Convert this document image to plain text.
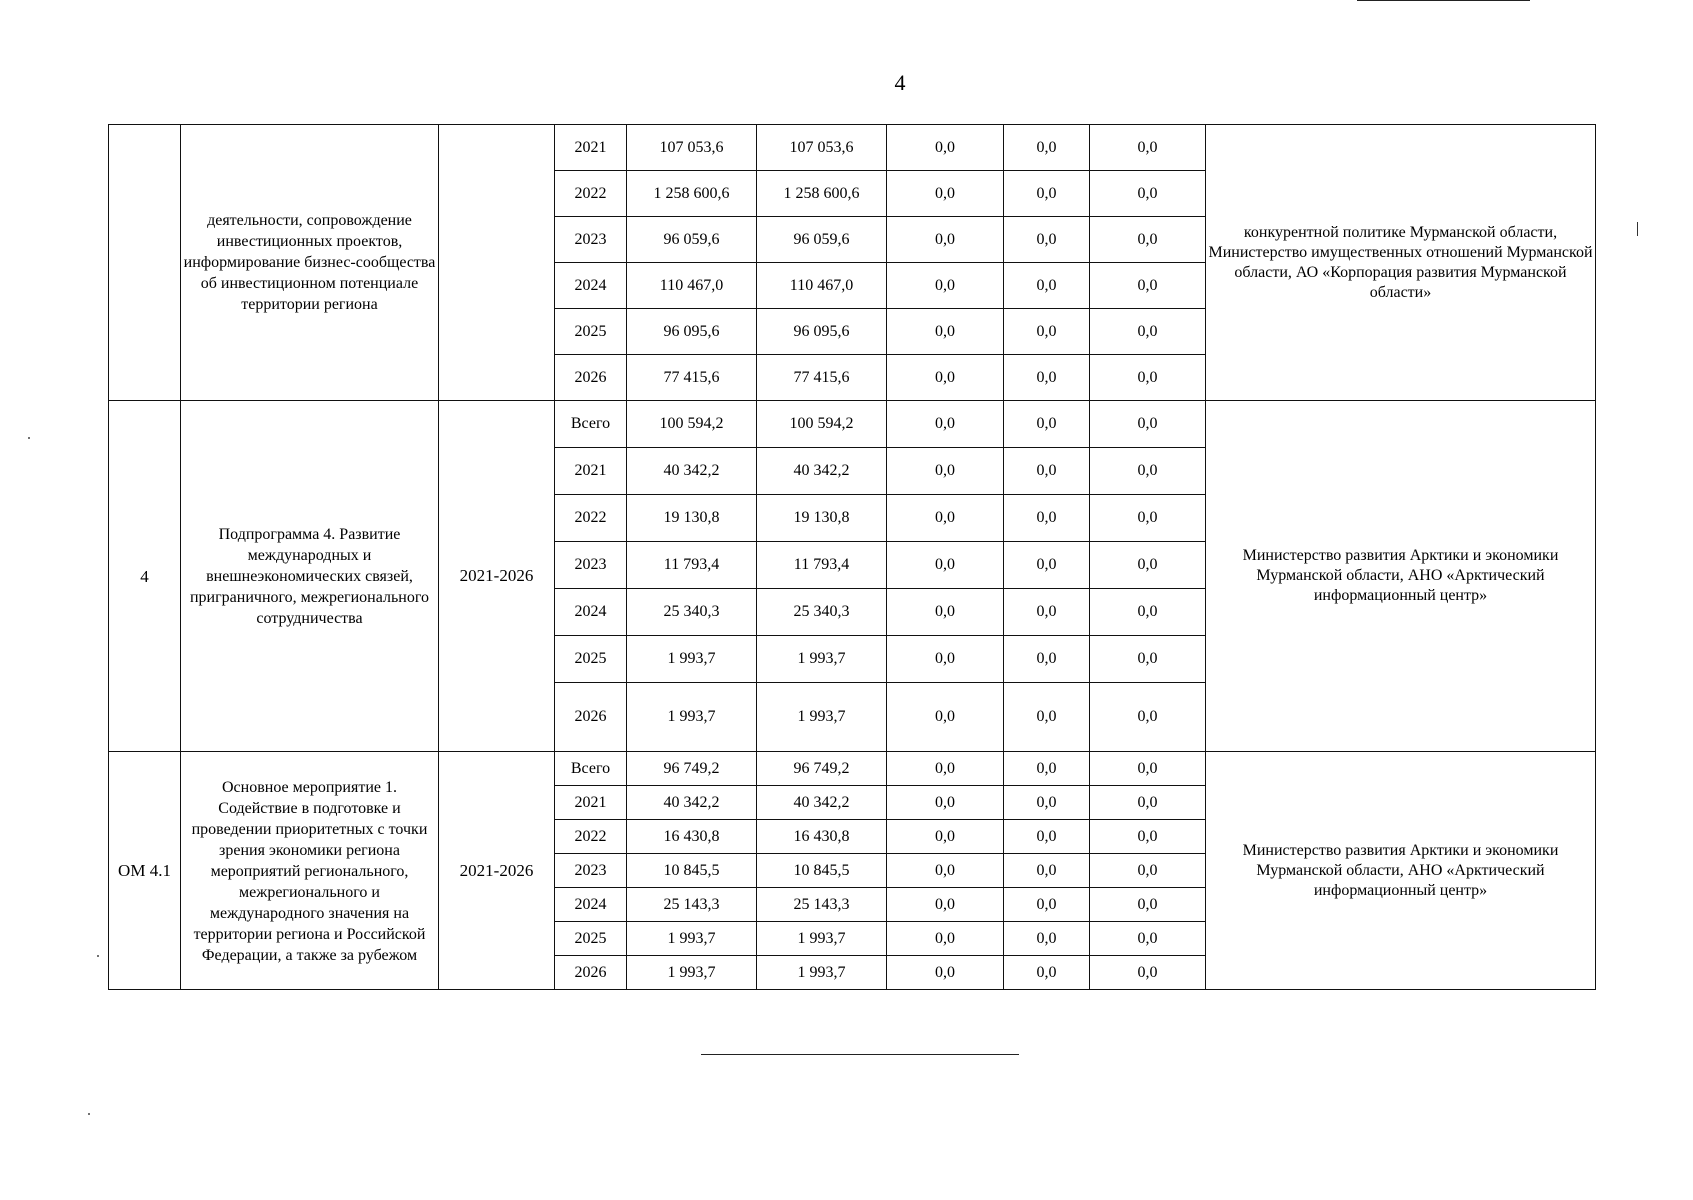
4
	деятельности, сопровождение инвестиционных проектов, информирование бизнес-сообщества об инвестиционном потенциале территории региона		2021	107 053,6	107 053,6	0,0	0,0	0,0	конкурентной политике Мурманской области, Министерство имущественных отношений Мурманской области, АО «Корпорация развития Мурманской области»
			2022	1 258 600,6	1 258 600,6	0,0	0,0	0,0	
			2023	96 059,6	96 059,6	0,0	0,0	0,0	
			2024	110 467,0	110 467,0	0,0	0,0	0,0	
			2025	96 095,6	96 095,6	0,0	0,0	0,0	
			2026	77 415,6	77 415,6	0,0	0,0	0,0	
4	Подпрограмма 4. Развитие международных и внешнеэкономических связей, приграничного, межрегионального сотрудничества	2021-2026	Всего	100 594,2	100 594,2	0,0	0,0	0,0	Министерство развития Арктики и экономики Мурманской области, АНО «Арктический информационный центр»
			2021	40 342,2	40 342,2	0,0	0,0	0,0	
			2022	19 130,8	19 130,8	0,0	0,0	0,0	
			2023	11 793,4	11 793,4	0,0	0,0	0,0	
			2024	25 340,3	25 340,3	0,0	0,0	0,0	
			2025	1 993,7	1 993,7	0,0	0,0	0,0	
			2026	1 993,7	1 993,7	0,0	0,0	0,0	
ОМ 4.1	Основное мероприятие 1. Содействие в подготовке и проведении приоритетных с точки зрения экономики региона мероприятий регионального, межрегионального и международного значения на территории региона и Российской Федерации, а также за рубежом	2021-2026	Всего	96 749,2	96 749,2	0,0	0,0	0,0	Министерство развития Арктики и экономики Мурманской области, АНО «Арктический информационный центр»
			2021	40 342,2	40 342,2	0,0	0,0	0,0	
			2022	16 430,8	16 430,8	0,0	0,0	0,0	
			2023	10 845,5	10 845,5	0,0	0,0	0,0	
			2024	25 143,3	25 143,3	0,0	0,0	0,0	
			2025	1 993,7	1 993,7	0,0	0,0	0,0	
			2026	1 993,7	1 993,7	0,0	0,0	0,0	
